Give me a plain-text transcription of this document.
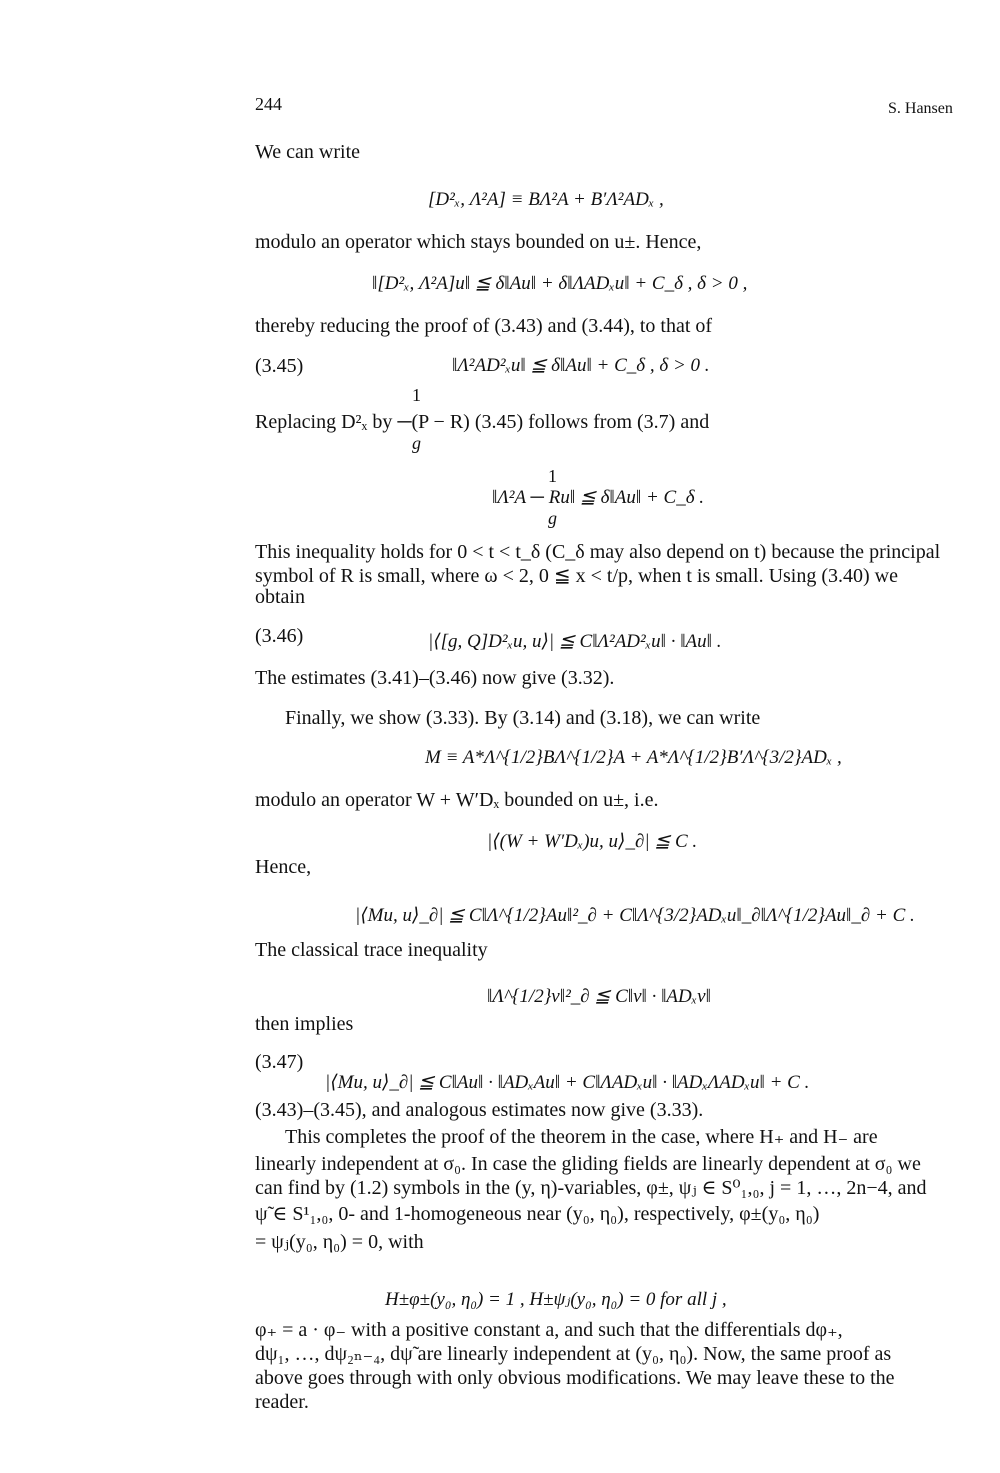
244	S. Hansen
We can write
[D²ₓ, Λ²A] ≡ BΛ²A + B′Λ²ADₓ ,
modulo an operator which stays bounded on u±. Hence,
‖[D²ₓ, Λ²A]u‖ ≦ δ‖Au‖ + δ‖ΛADₓu‖ + C_δ , δ > 0 ,
thereby reducing the proof of (3.43) and (3.44), to that of
(3.45)	‖Λ²AD²ₓu‖ ≦ δ‖Au‖ + C_δ , δ > 0 .
1
Replacing D²ₓ by ─(P − R) (3.45) follows from (3.7) and
g
1
‖Λ²A ─ Ru‖ ≦ δ‖Au‖ + C_δ .
g
This inequality holds for 0 < t < t_δ (C_δ may also depend on t) because the principal
symbol of R is small, where ω < 2, 0 ≦ x < t/p, when t is small. Using (3.40) we
obtain
(3.46)	|⟨[g, Q]D²ₓu, u⟩| ≦ C‖Λ²AD²ₓu‖ · ‖Au‖ .
The estimates (3.41)–(3.46) now give (3.32).
Finally, we show (3.33). By (3.14) and (3.18), we can write
M ≡ A*Λ^{1/2}BΛ^{1/2}A + A*Λ^{1/2}B′Λ^{3/2}ADₓ ,
modulo an operator W + W′Dₓ bounded on u±, i.e.
|⟨(W + W′Dₓ)u, u⟩_∂| ≦ C .
Hence,
|⟨Mu, u⟩_∂| ≦ C‖Λ^{1/2}Au‖²_∂ + C‖Λ^{3/2}ADₓu‖_∂‖Λ^{1/2}Au‖_∂ + C .
The classical trace inequality
‖Λ^{1/2}v‖²_∂ ≦ C‖v‖ · ‖ADₓv‖
then implies
(3.47)
|⟨Mu, u⟩_∂| ≦ C‖Au‖ · ‖ADₓAu‖ + C‖ΛADₓu‖ · ‖ADₓΛADₓu‖ + C .
(3.43)–(3.45), and analogous estimates now give (3.33).
This completes the proof of the theorem in the case, where H₊ and H₋ are
linearly independent at σ₀. In case the gliding fields are linearly dependent at σ₀ we
can find by (1.2) symbols in the (y, η)-variables, φ±, ψⱼ ∈ S⁰₁,₀, j = 1, …, 2n−4, and
ψ̃ ∈ S¹₁,₀, 0- and 1-homogeneous near (y₀, η₀), respectively, φ±(y₀, η₀)
= ψⱼ(y₀, η₀) = 0, with
H±φ±(y₀, η₀) = 1 , H±ψⱼ(y₀, η₀) = 0 for all j ,
φ₊ = a · φ₋ with a positive constant a, and such that the differentials dφ₊,
dψ₁, …, dψ₂ₙ₋₄, dψ̃ are linearly independent at (y₀, η₀). Now, the same proof as
above goes through with only obvious modifications. We may leave these to the
reader.
